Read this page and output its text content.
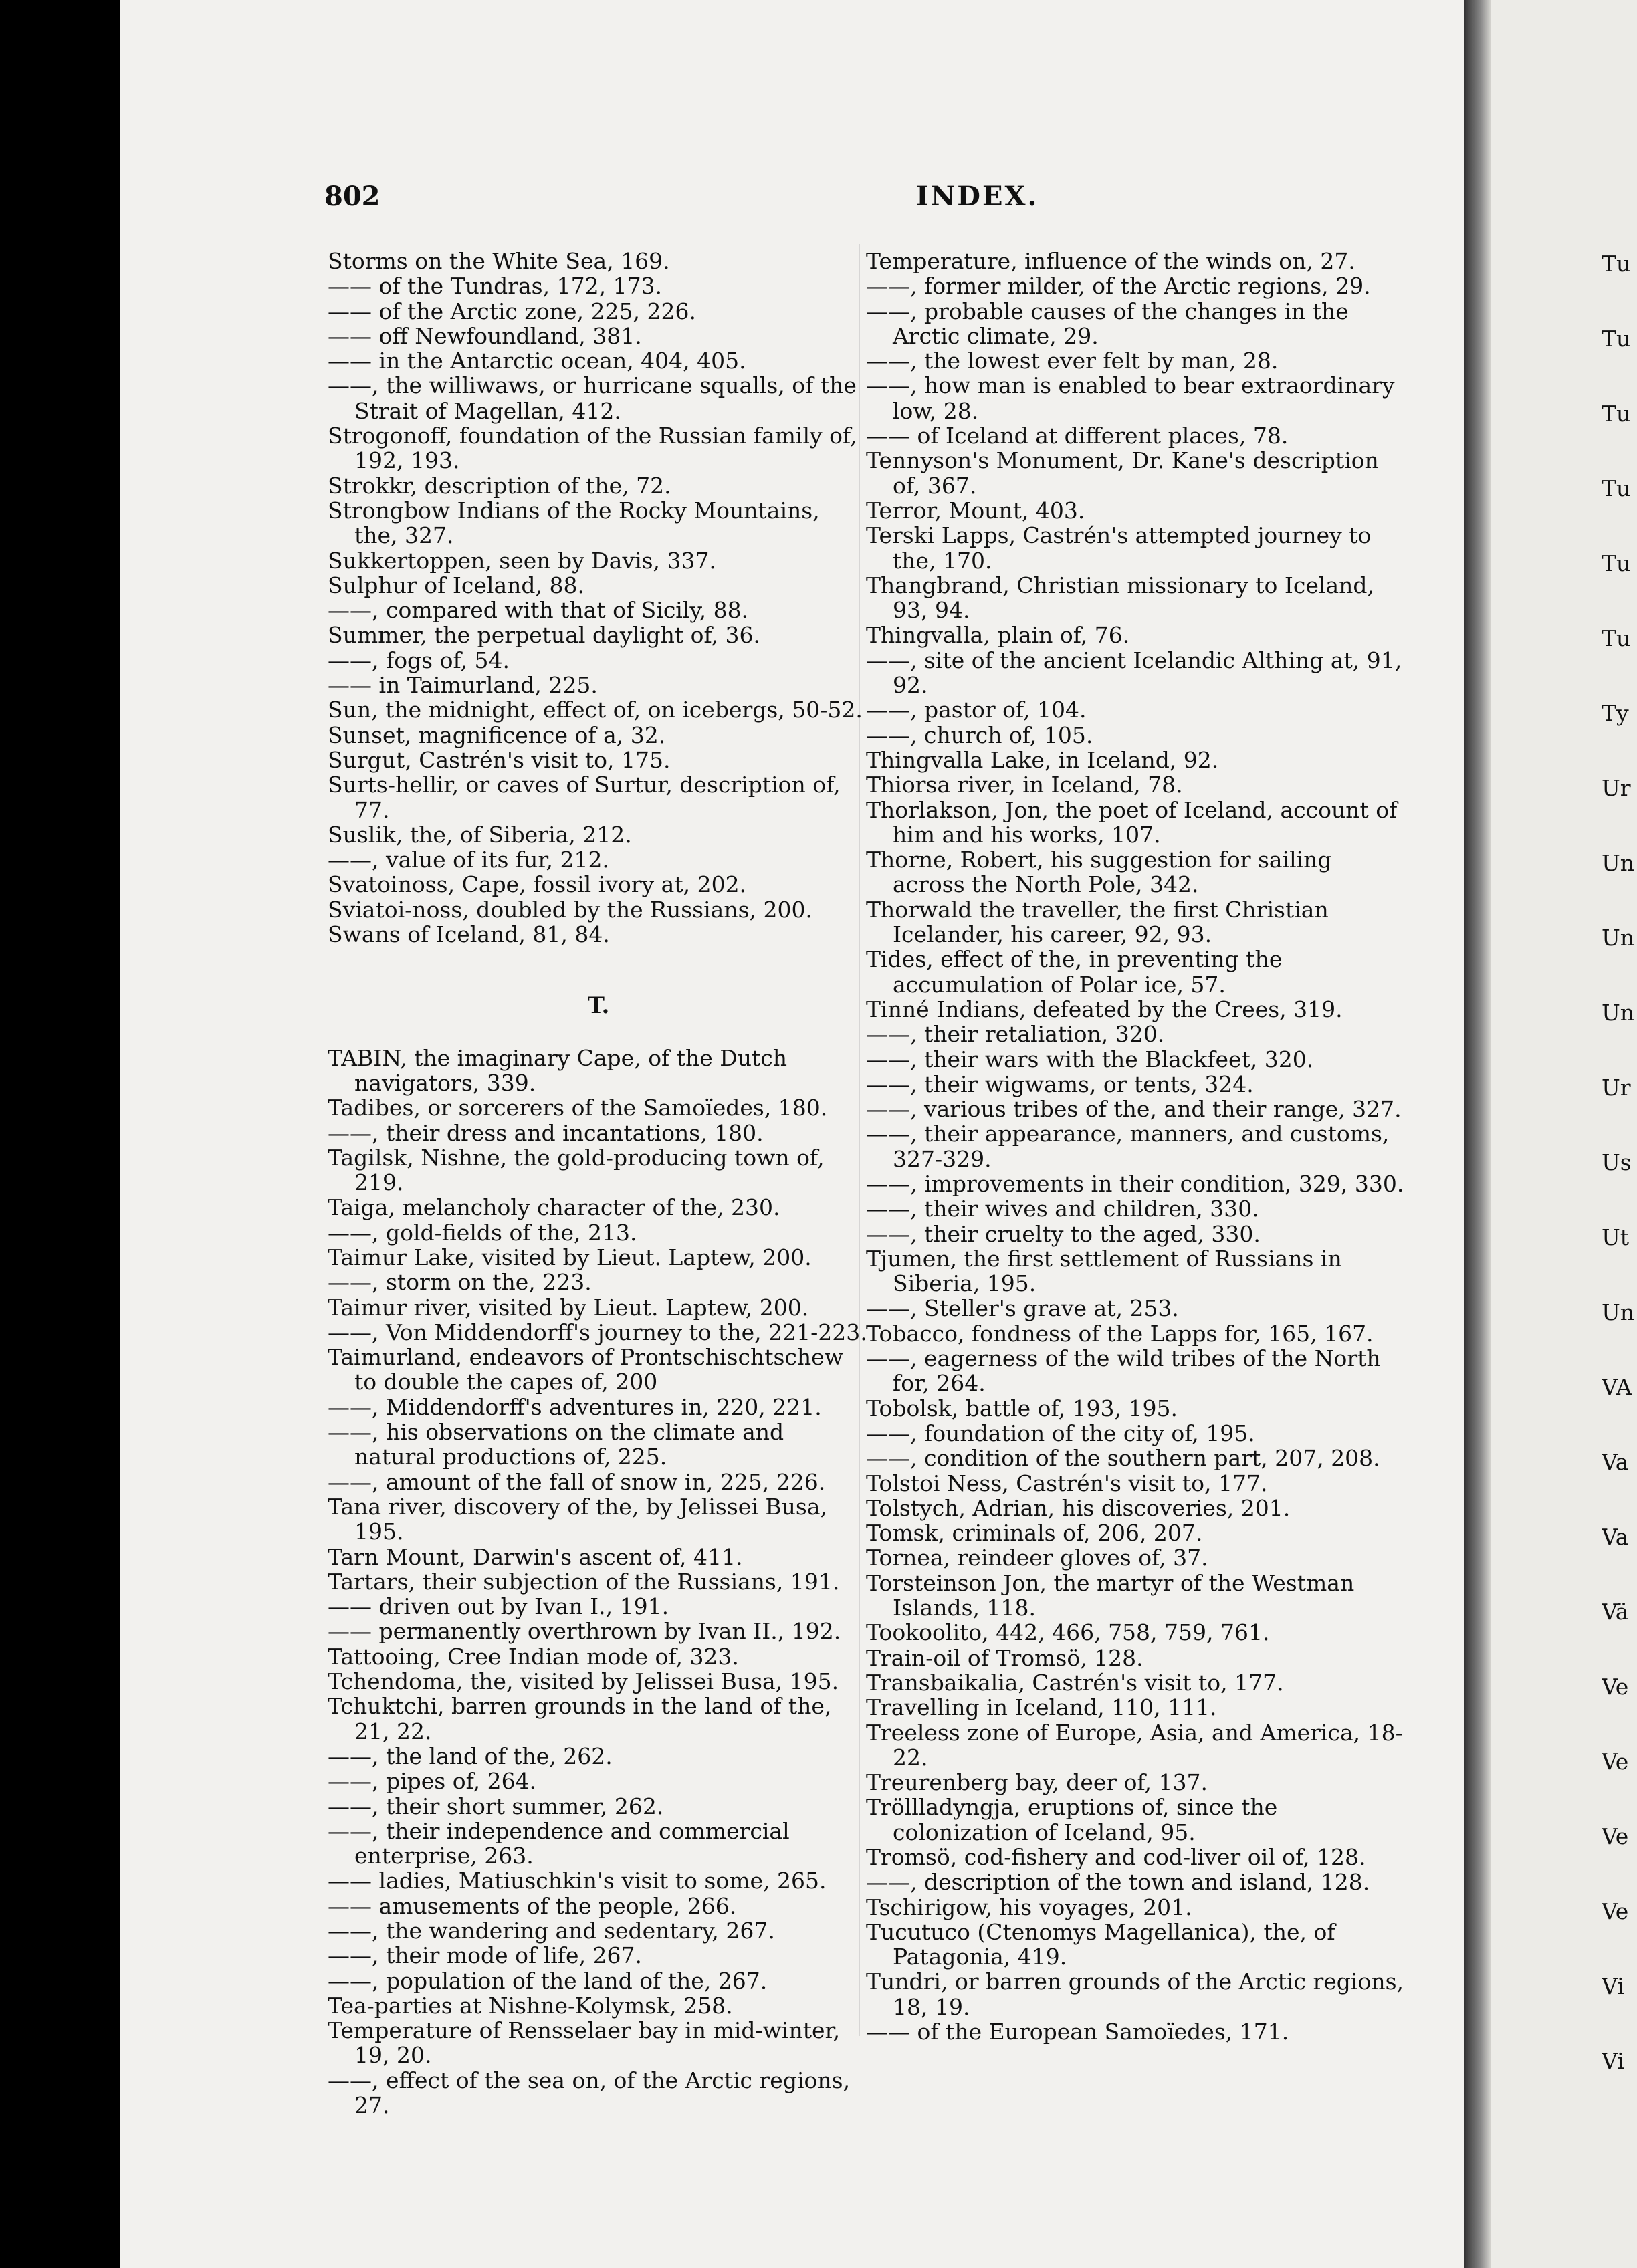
802	INDEX.
Storms on the White Sea, 169.
—— of the Tundras, 172, 173.
—— of the Arctic zone, 225, 226.
—— off Newfoundland, 381.
—— in the Antarctic ocean, 404, 405.
——, the williwaws, or hurricane squalls, of the Strait of Magellan, 412.
Strogonoff, foundation of the Russian family of, 192, 193.
Strokkr, description of the, 72.
Strongbow Indians of the Rocky Mountains, the, 327.
Sukkertoppen, seen by Davis, 337.
Sulphur of Iceland, 88.
——, compared with that of Sicily, 88.
Summer, the perpetual daylight of, 36.
——, fogs of, 54.
—— in Taimurland, 225.
Sun, the midnight, effect of, on icebergs, 50-52.
Sunset, magnificence of a, 32.
Surgut, Castrén's visit to, 175.
Surts-hellir, or caves of Surtur, description of, 77.
Suslik, the, of Siberia, 212.
——, value of its fur, 212.
Svatoinoss, Cape, fossil ivory at, 202.
Sviatoi-noss, doubled by the Russians, 200.
Swans of Iceland, 81, 84.
T.
TABIN, the imaginary Cape, of the Dutch navigators, 339.
Tadibes, or sorcerers of the Samoïedes, 180.
——, their dress and incantations, 180.
Tagilsk, Nishne, the gold-producing town of, 219.
Taiga, melancholy character of the, 230.
——, gold-fields of the, 213.
Taimur Lake, visited by Lieut. Laptew, 200.
——, storm on the, 223.
Taimur river, visited by Lieut. Laptew, 200.
——, Von Middendorff's journey to the, 221-223.
Taimurland, endeavors of Prontschischtschew to double the capes of, 200
——, Middendorff's adventures in, 220, 221.
——, his observations on the climate and natural productions of, 225.
——, amount of the fall of snow in, 225, 226.
Tana river, discovery of the, by Jelissei Busa, 195.
Tarn Mount, Darwin's ascent of, 411.
Tartars, their subjection of the Russians, 191.
—— driven out by Ivan I., 191.
—— permanently overthrown by Ivan II., 192.
Tattooing, Cree Indian mode of, 323.
Tchendoma, the, visited by Jelissei Busa, 195.
Tchuktchi, barren grounds in the land of the, 21, 22.
——, the land of the, 262.
——, pipes of, 264.
——, their short summer, 262.
——, their independence and commercial enterprise, 263.
—— ladies, Matiuschkin's visit to some, 265.
—— amusements of the people, 266.
——, the wandering and sedentary, 267.
——, their mode of life, 267.
——, population of the land of the, 267.
Tea-parties at Nishne-Kolymsk, 258.
Temperature of Rensselaer bay in mid-winter, 19, 20.
——, effect of the sea on, of the Arctic regions, 27.
Temperature, influence of the winds on, 27.
——, former milder, of the Arctic regions, 29.
——, probable causes of the changes in the Arctic climate, 29.
——, the lowest ever felt by man, 28.
——, how man is enabled to bear extraordinary low, 28.
—— of Iceland at different places, 78.
Tennyson's Monument, Dr. Kane's description of, 367.
Terror, Mount, 403.
Terski Lapps, Castrén's attempted journey to the, 170.
Thangbrand, Christian missionary to Iceland, 93, 94.
Thingvalla, plain of, 76.
——, site of the ancient Icelandic Althing at, 91, 92.
——, pastor of, 104.
——, church of, 105.
Thingvalla Lake, in Iceland, 92.
Thiorsa river, in Iceland, 78.
Thorlakson, Jon, the poet of Iceland, account of him and his works, 107.
Thorne, Robert, his suggestion for sailing across the North Pole, 342.
Thorwald the traveller, the first Christian Icelander, his career, 92, 93.
Tides, effect of the, in preventing the accumulation of Polar ice, 57.
Tinné Indians, defeated by the Crees, 319.
——, their retaliation, 320.
——, their wars with the Blackfeet, 320.
——, their wigwams, or tents, 324.
——, various tribes of the, and their range, 327.
——, their appearance, manners, and customs, 327-329.
——, improvements in their condition, 329, 330.
——, their wives and children, 330.
——, their cruelty to the aged, 330.
Tjumen, the first settlement of Russians in Siberia, 195.
——, Steller's grave at, 253.
Tobacco, fondness of the Lapps for, 165, 167.
——, eagerness of the wild tribes of the North for, 264.
Tobolsk, battle of, 193, 195.
——, foundation of the city of, 195.
——, condition of the southern part, 207, 208.
Tolstoi Ness, Castrén's visit to, 177.
Tolstych, Adrian, his discoveries, 201.
Tomsk, criminals of, 206, 207.
Tornea, reindeer gloves of, 37.
Torsteinson Jon, the martyr of the Westman Islands, 118.
Tookoolito, 442, 466, 758, 759, 761.
Train-oil of Tromsö, 128.
Transbaikalia, Castrén's visit to, 177.
Travelling in Iceland, 110, 111.
Treeless zone of Europe, Asia, and America, 18-22.
Treurenberg bay, deer of, 137.
Tröllladyngja, eruptions of, since the colonization of Iceland, 95.
Tromsö, cod-fishery and cod-liver oil of, 128.
——, description of the town and island, 128.
Tschirigow, his voyages, 201.
Tucutuco (Ctenomys Magellanica), the, of Patagonia, 419.
Tundri, or barren grounds of the Arctic regions, 18, 19.
—— of the European Samoïedes, 171.
Tu
Tu
Tu
Tu
Tu
Tu
Ty
Ur
Un
Un
Un
Ur
Us
Ut
Un
VA
Va
Va
Vä
Ve
Ve
Ve
Ve
Vi
Vi
